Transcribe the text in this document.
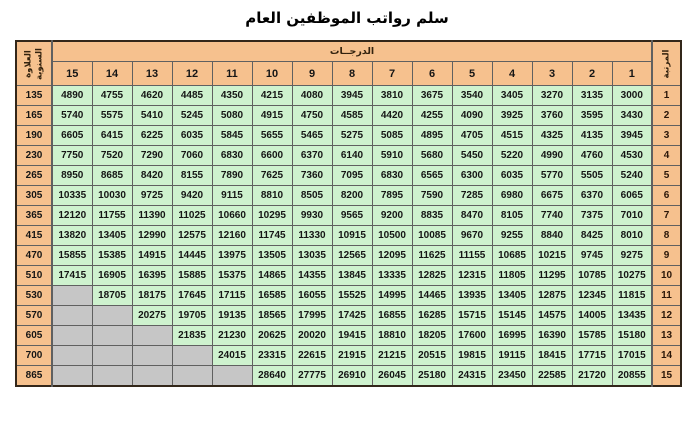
سلم رواتب الموظفين العام
العلاوة السنوية	الدرجــات															المرتبة

	15	14	13	12	11	10	9	8	7	6	5	4	3	2	1	
135	4890	4755	4620	4485	4350	4215	4080	3945	3810	3675	3540	3405	3270	3135	3000	1
165	5740	5575	5410	5245	5080	4915	4750	4585	4420	4255	4090	3925	3760	3595	3430	2
190	6605	6415	6225	6035	5845	5655	5465	5275	5085	4895	4705	4515	4325	4135	3945	3
230	7750	7520	7290	7060	6830	6600	6370	6140	5910	5680	5450	5220	4990	4760	4530	4
265	8950	8685	8420	8155	7890	7625	7360	7095	6830	6565	6300	6035	5770	5505	5240	5
305	10335	10030	9725	9420	9115	8810	8505	8200	7895	7590	7285	6980	6675	6370	6065	6
365	12120	11755	11390	11025	10660	10295	9930	9565	9200	8835	8470	8105	7740	7375	7010	7
415	13820	13405	12990	12575	12160	11745	11330	10915	10500	10085	9670	9255	8840	8425	8010	8
470	15855	15385	14915	14445	13975	13505	13035	12565	12095	11625	11155	10685	10215	9745	9275	9
510	17415	16905	16395	15885	15375	14865	14355	13845	13335	12825	12315	11805	11295	10785	10275	10
530		18705	18175	17645	17115	16585	16055	15525	14995	14465	13935	13405	12875	12345	11815	11
570			20275	19705	19135	18565	17995	17425	16855	16285	15715	15145	14575	14005	13435	12
605				21835	21230	20625	20020	19415	18810	18205	17600	16995	16390	15785	15180	13
700					24015	23315	22615	21915	21215	20515	19815	19115	18415	17715	17015	14
865						28640	27775	26910	26045	25180	24315	23450	22585	21720	20855	15
